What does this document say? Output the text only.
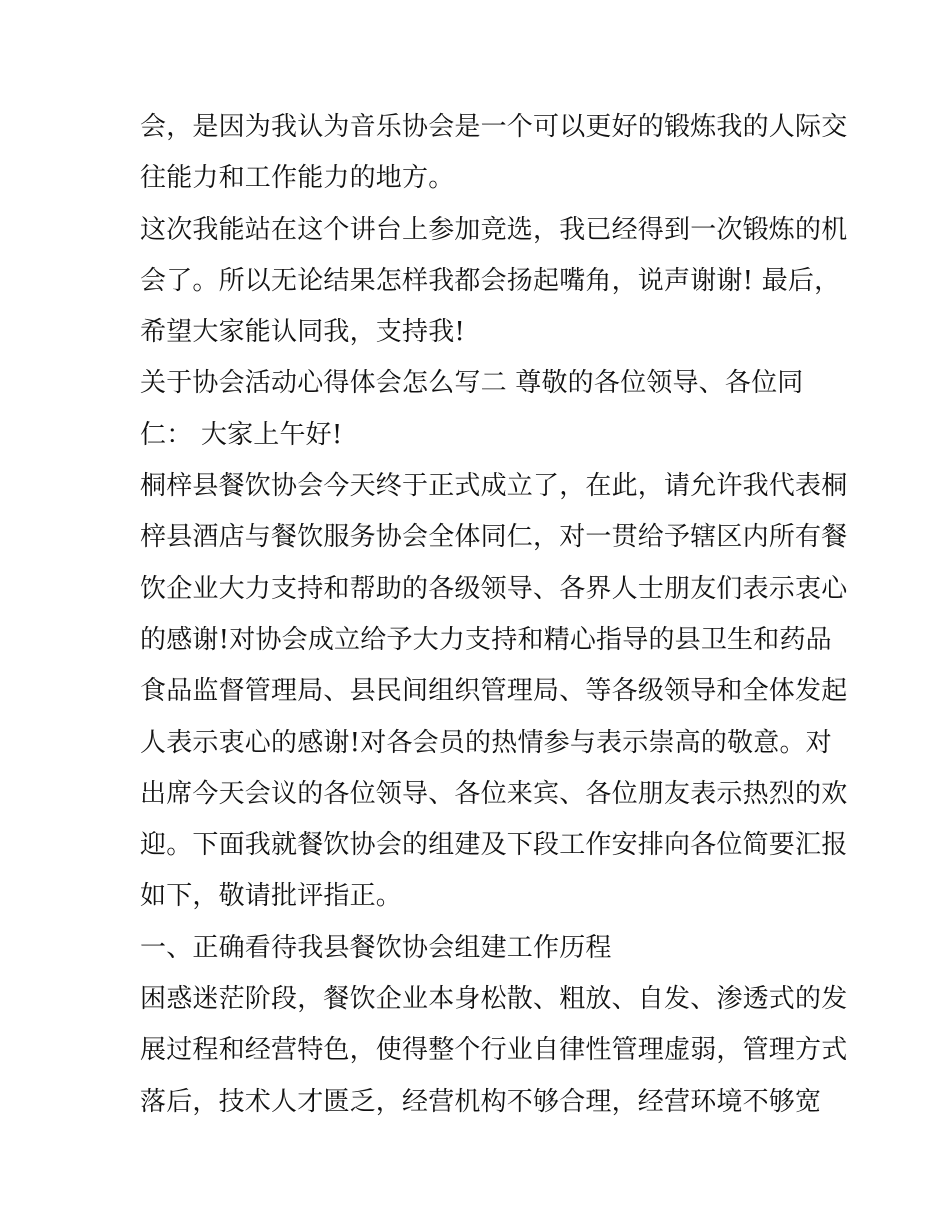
会，是因为我认为音乐协会是一个可以更好的锻炼我的人际交
往能力和工作能力的地方。
这次我能站在这个讲台上参加竞选，我已经得到一次锻炼的机
会了。所以无论结果怎样我都会扬起嘴角，说声谢谢! 最后，
希望大家能认同我，支持我!
关于协会活动心得体会怎么写二 尊敬的各位领导、各位同
仁： 大家上午好!
桐梓县餐饮协会今天终于正式成立了，在此，请允许我代表桐
梓县酒店与餐饮服务协会全体同仁，对一贯给予辖区内所有餐
饮企业大力支持和帮助的各级领导、各界人士朋友们表示衷心
的感谢!对协会成立给予大力支持和精心指导的县卫生和药品
食品监督管理局、县民间组织管理局、等各级领导和全体发起
人表示衷心的感谢!对各会员的热情参与表示崇高的敬意。对
出席今天会议的各位领导、各位来宾、各位朋友表示热烈的欢
迎。下面我就餐饮协会的组建及下段工作安排向各位简要汇报
如下，敬请批评指正。
一、正确看待我县餐饮协会组建工作历程
困惑迷茫阶段，餐饮企业本身松散、粗放、自发、渗透式的发
展过程和经营特色，使得整个行业自律性管理虚弱，管理方式
落后，技术人才匮乏，经营机构不够合理，经营环境不够宽
